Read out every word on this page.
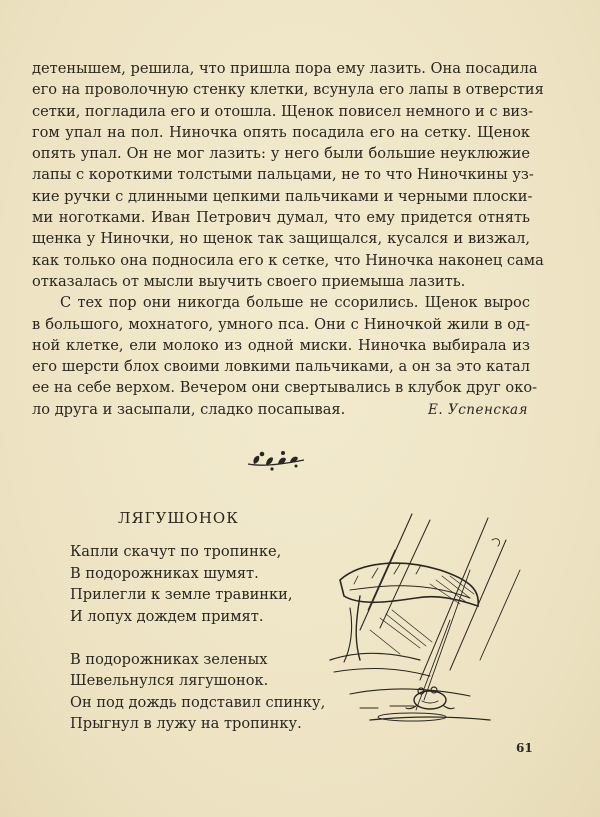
детенышем, решила, что пришла пора ему лазить. Она посадила
его на проволочную стенку клетки, всунула его лапы в отверстия
сетки, погладила его и отошла. Щенок повисел немного и с виз-
гом упал на пол. Ниночка опять посадила его на сетку. Щенок
опять упал. Он не мог лазить: у него были большие неуклюжие
лапы с короткими толстыми пальцами, не то что Ниночкины уз-
кие ручки с длинными цепкими пальчиками и черными плоски-
ми ноготками. Иван Петрович думал, что ему придется отнять
щенка у Ниночки, но щенок так защищался, кусался и визжал,
как только она подносила его к сетке, что Ниночка наконец сама
отказалась от мысли выучить своего приемыша лазить.

С тех пор они никогда больше не ссорились. Щенок вырос
в большого, мохнатого, умного пса. Они с Ниночкой жили в од-
ной клетке, ели молоко из одной миски. Ниночка выбирала из
его шерсти блох своими ловкими пальчиками, а он за это катал
ее на себе верхом. Вечером они свертывались в клубок друг око-
ло друга и засыпали, сладко посапывая.	Е. Успенская
ЛЯГУШОНОК
Капли скачут по тропинке,
В подорожниках шумят.
Прилегли к земле травинки,
И лопух дождем примят.
В подорожниках зеленых
Шевельнулся лягушонок.
Он под дождь подставил спинку,
Прыгнул в лужу на тропинку.
61
